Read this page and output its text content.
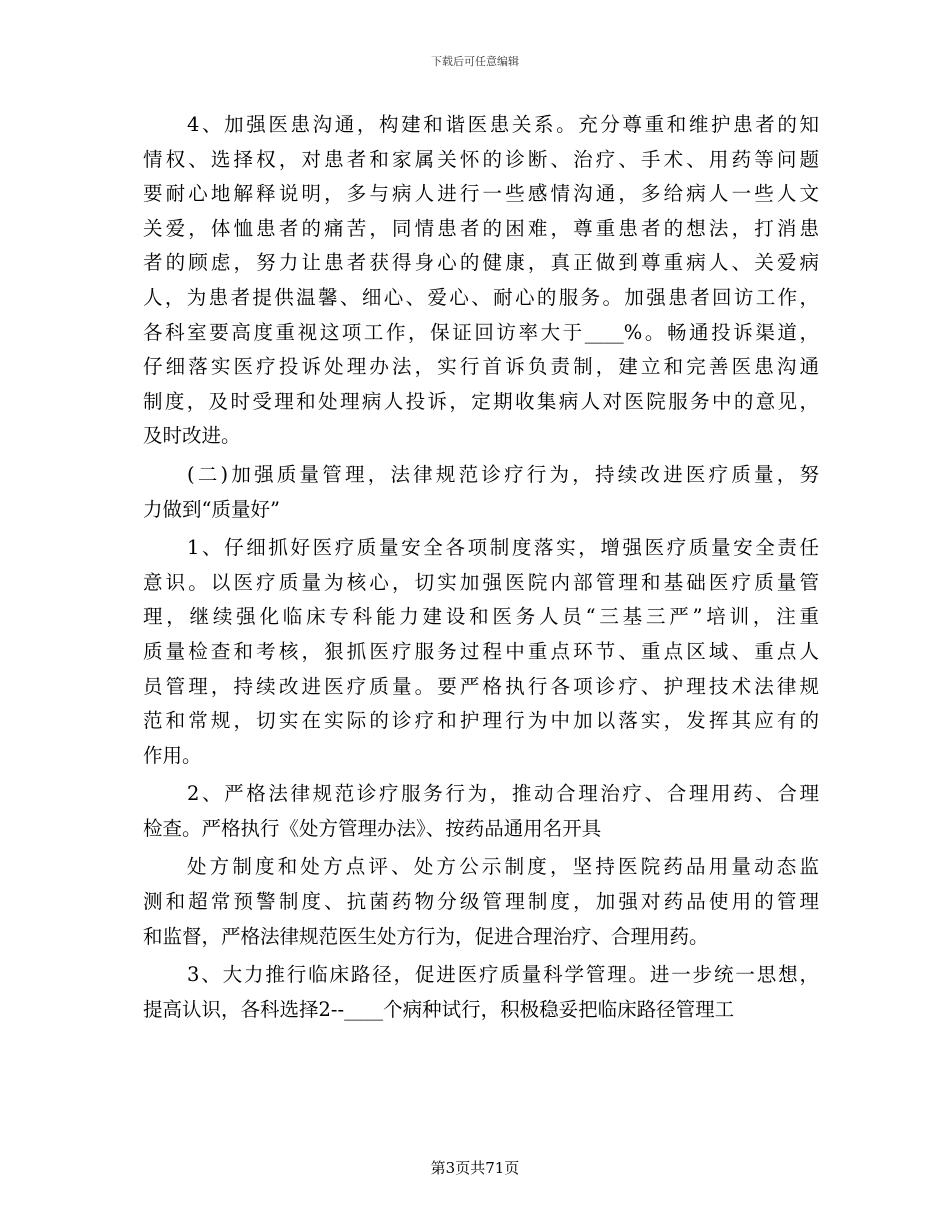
下载后可任意编辑
4、加强医患沟通，构建和谐医患关系。充分尊重和维护患者的知
情权、选择权，对患者和家属关怀的诊断、治疗、手术、用药等问题
要耐心地解释说明，多与病人进行一些感情沟通，多给病人一些人文
关爱，体恤患者的痛苦，同情患者的困难，尊重患者的想法，打消患
者的顾虑，努力让患者获得身心的健康，真正做到尊重病人、关爱病
人，为患者提供温馨、细心、爱心、耐心的服务。加强患者回访工作，
各科室要高度重视这项工作，保证回访率大于____%。畅通投诉渠道，
仔细落实医疗投诉处理办法，实行首诉负责制，建立和完善医患沟通
制度，及时受理和处理病人投诉，定期收集病人对医院服务中的意见，
及时改进。
(二)加强质量管理，法律规范诊疗行为，持续改进医疗质量，努
力做到“质量好”
1、仔细抓好医疗质量安全各项制度落实，增强医疗质量安全责任
意识。以医疗质量为核心，切实加强医院内部管理和基础医疗质量管
理，继续强化临床专科能力建设和医务人员“三基三严”培训，注重
质量检查和考核，狠抓医疗服务过程中重点环节、重点区域、重点人
员管理，持续改进医疗质量。要严格执行各项诊疗、护理技术法律规
范和常规，切实在实际的诊疗和护理行为中加以落实，发挥其应有的
作用。
2、严格法律规范诊疗服务行为，推动合理治疗、合理用药、合理
检查。严格执行《处方管理办法》、按药品通用名开具
处方制度和处方点评、处方公示制度，坚持医院药品用量动态监
测和超常预警制度、抗菌药物分级管理制度，加强对药品使用的管理
和监督，严格法律规范医生处方行为，促进合理治疗、合理用药。
3、大力推行临床路径，促进医疗质量科学管理。进一步统一思想，
提高认识，各科选择2--____个病种试行，积极稳妥把临床路径管理工
第3页共71页
